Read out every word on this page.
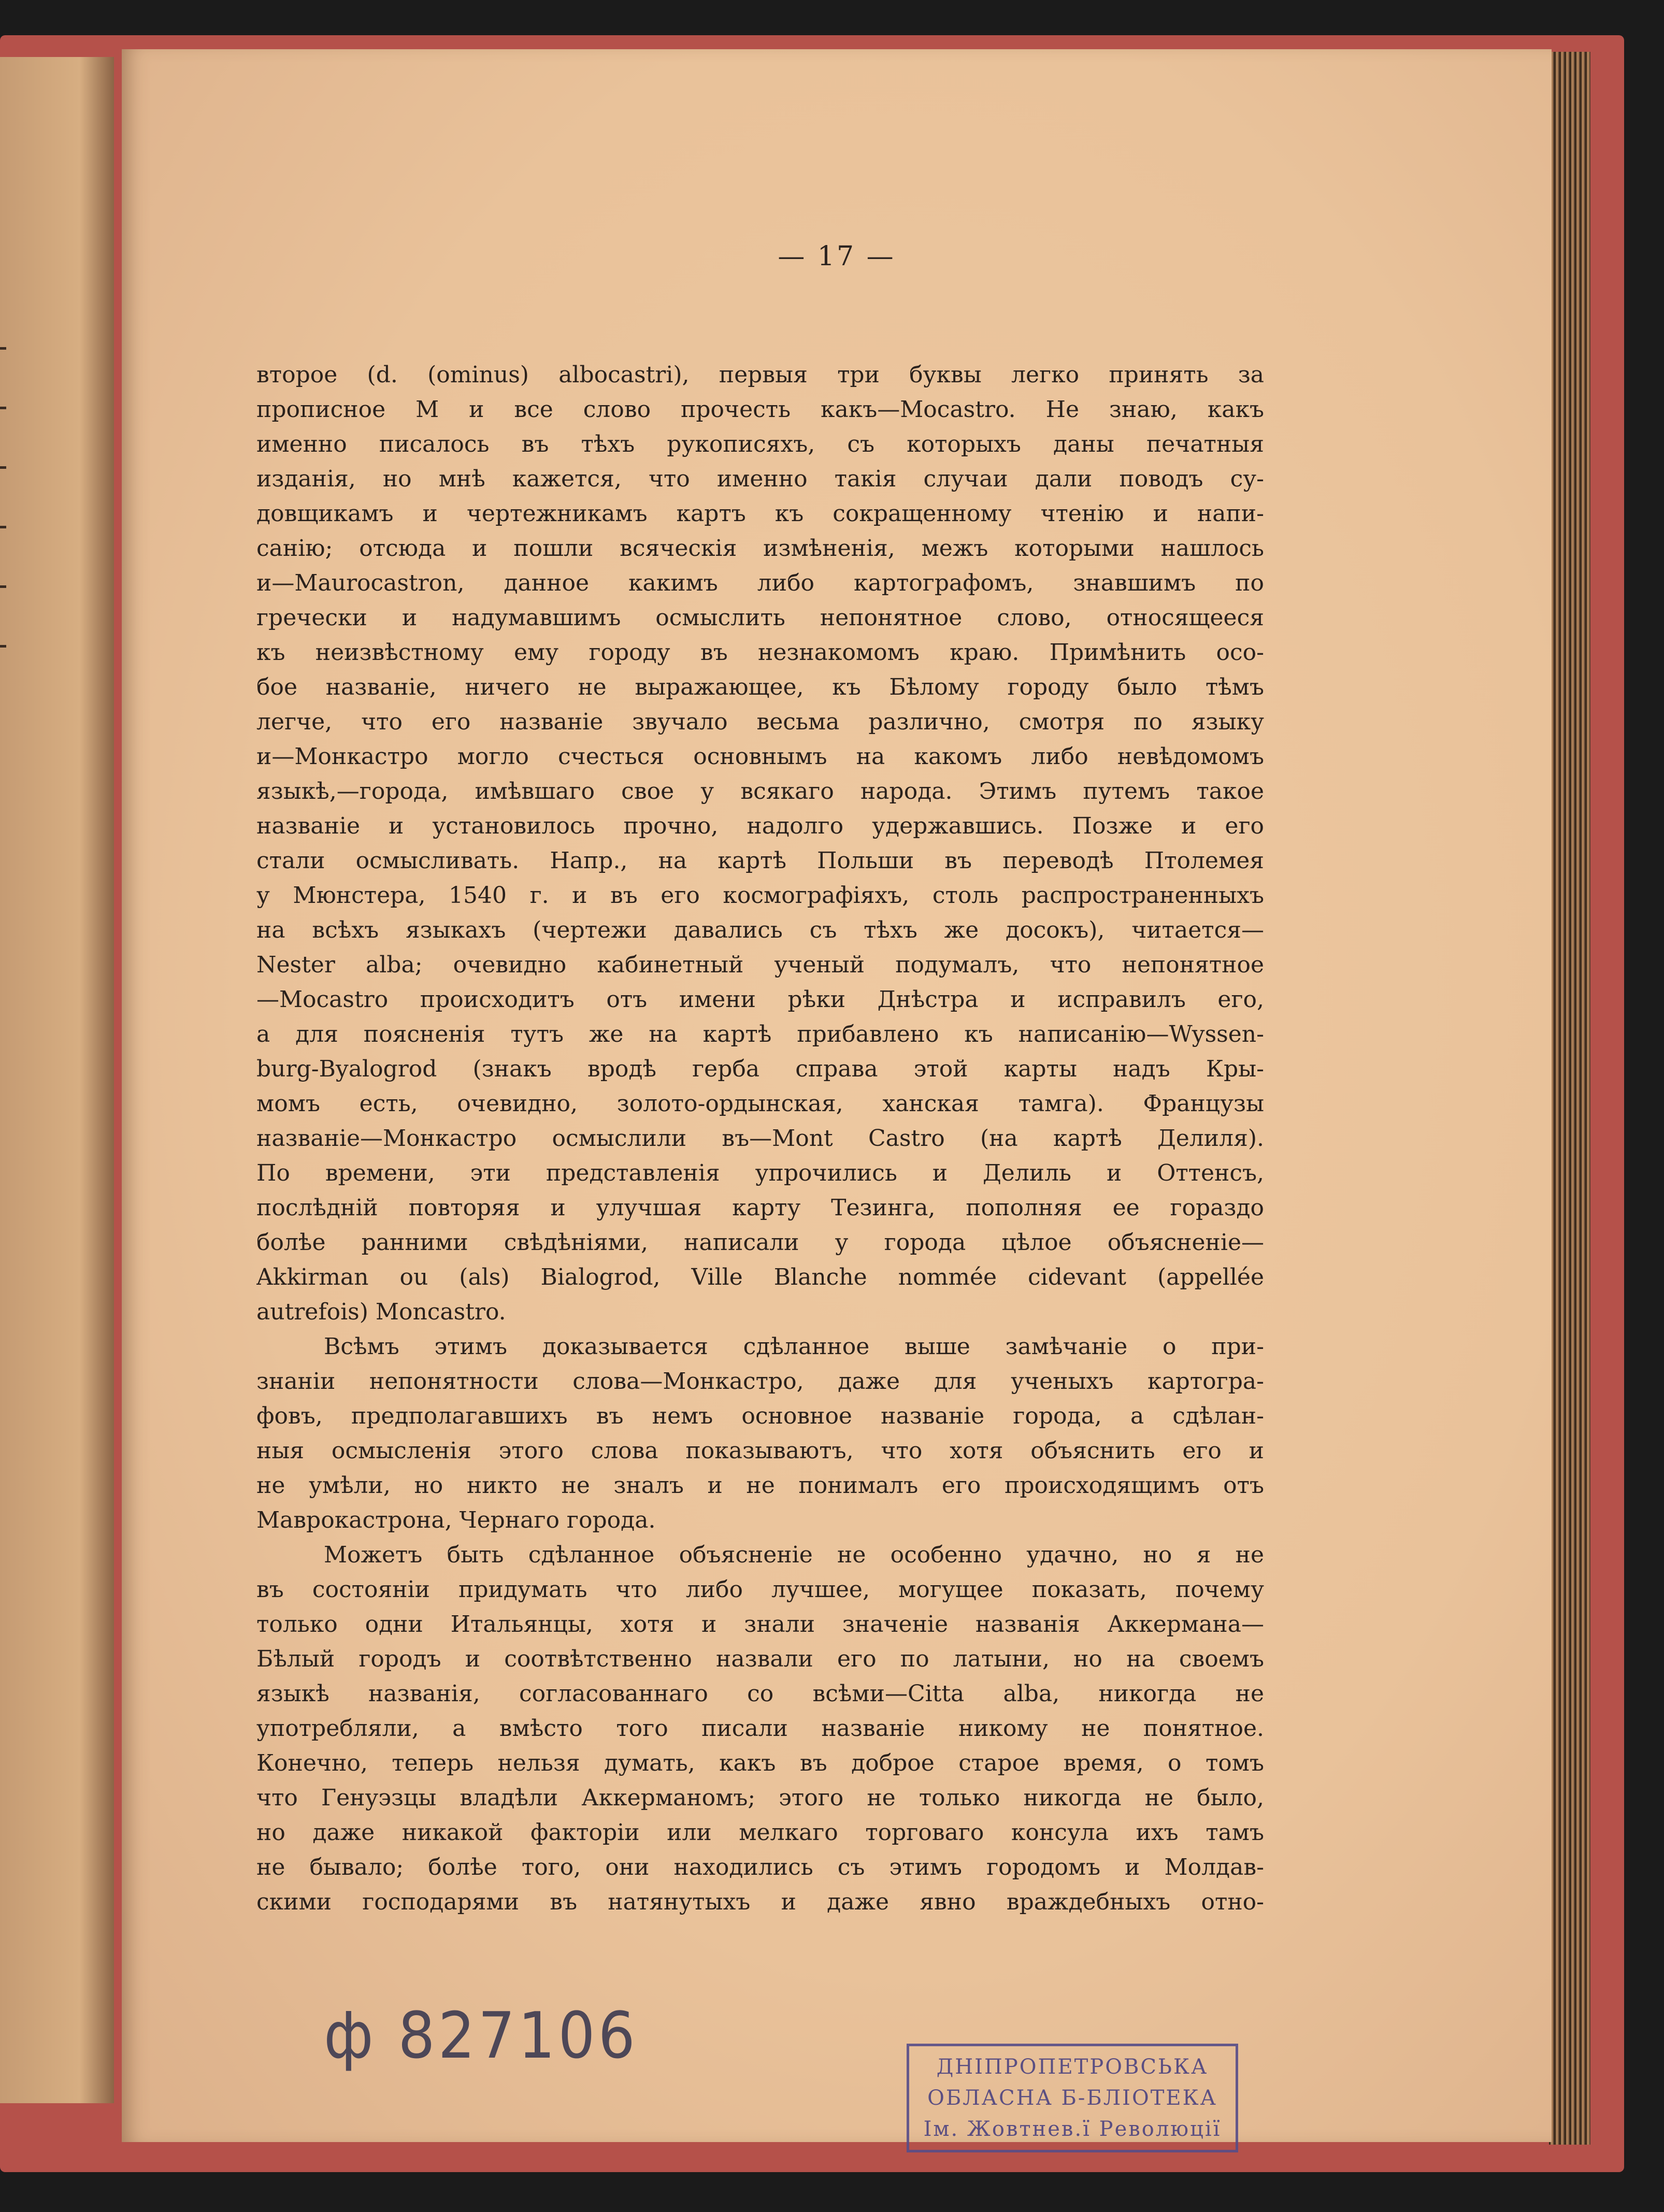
— 17 —
второе (d. (ominus) albocastri), первыя три буквы легко принять за
прописное M и все слово прочесть какъ—Mocastro. Не знаю, какъ
именно писалось въ тѣхъ рукописяхъ, съ которыхъ даны печатныя
изданія, но мнѣ кажется, что именно такія случаи дали поводъ су-
довщикамъ и чертежникамъ картъ къ сокращенному чтенію и напи-
санію; отсюда и пошли всяческія измѣненія, межъ которыми нашлось
и—Maurocastron, данное какимъ либо картографомъ, знавшимъ по
гречески и надумавшимъ осмыслить непонятное слово, относящееся
къ неизвѣстному ему городу въ незнакомомъ краю. Примѣнить осо-
бое названіе, ничего не выражающее, къ Бѣлому городу было тѣмъ
легче, что его названіе звучало весьма различно, смотря по языку
и—Монкастро могло счесться основнымъ на какомъ либо невѣдомомъ
языкѣ,—города, имѣвшаго свое у всякаго народа. Этимъ путемъ такое
названіе и установилось прочно, надолго удержавшись. Позже и его
стали осмысливать. Напр., на картѣ Польши въ переводѣ Птолемея
у Мюнстера, 1540 г. и въ его космографіяхъ, столь распространенныхъ
на всѣхъ языкахъ (чертежи давались съ тѣхъ же досокъ), читается—
Nester alba; очевидно кабинетный ученый подумалъ, что непонятное
—Mocastro происходитъ отъ имени рѣки Днѣстра и исправилъ его,
а для поясненія тутъ же на картѣ прибавлено къ написанію—Wyssen-
burg-Byalogrod (знакъ вродѣ герба справа этой карты надъ Кры-
момъ есть, очевидно, золото-ордынская, ханская тамга). Французы
названіе—Монкастро осмыслили въ—Mont Castro (на картѣ Делиля).
По времени, эти представленія упрочились и Делиль и Оттенсъ,
послѣдній повторяя и улучшая карту Тезинга, пополняя ее гораздо
болѣе ранними свѣдѣніями, написали у города цѣлое объясненіе—
Akkirman ou (als) Bialogrod, Ville Blanche nommée cidevant (appellée
autrefois) Moncastro.
Всѣмъ этимъ доказывается сдѣланное выше замѣчаніе о при-
знаніи непонятности слова—Монкастро, даже для ученыхъ картогра-
фовъ, предполагавшихъ въ немъ основное названіе города, а сдѣлан-
ныя осмысленія этого слова показываютъ, что хотя объяснить его и
не умѣли, но никто не зналъ и не понималъ его происходящимъ отъ
Маврокастрона, Чернаго города.
Можетъ быть сдѣланное объясненіе не особенно удачно, но я не
въ состояніи придумать что либо лучшее, могущее показать, почему
только одни Итальянцы, хотя и знали значеніе названія Аккермана—
Бѣлый городъ и соотвѣтственно назвали его по латыни, но на своемъ
языкѣ названія, согласованнаго со всѣми—Citta alba, никогда не
употребляли, а вмѣсто того писали названіе никому не понятное.
Конечно, теперь нельзя думать, какъ въ доброе старое время, о томъ
что Генуэзцы владѣли Аккерманомъ; этого не только никогда не было,
но даже никакой факторіи или мелкаго торговаго консула ихъ тамъ
не бывало; болѣе того, они находились съ этимъ городомъ и Молдав-
скими господарями въ натянутыхъ и даже явно враждебныхъ отно-
ф 827106	ДНІПРОПЕТРОВСЬКА
ОБЛАСНА Б-БЛІОТЕКА
Ім. Жовтнев.ї Революції
